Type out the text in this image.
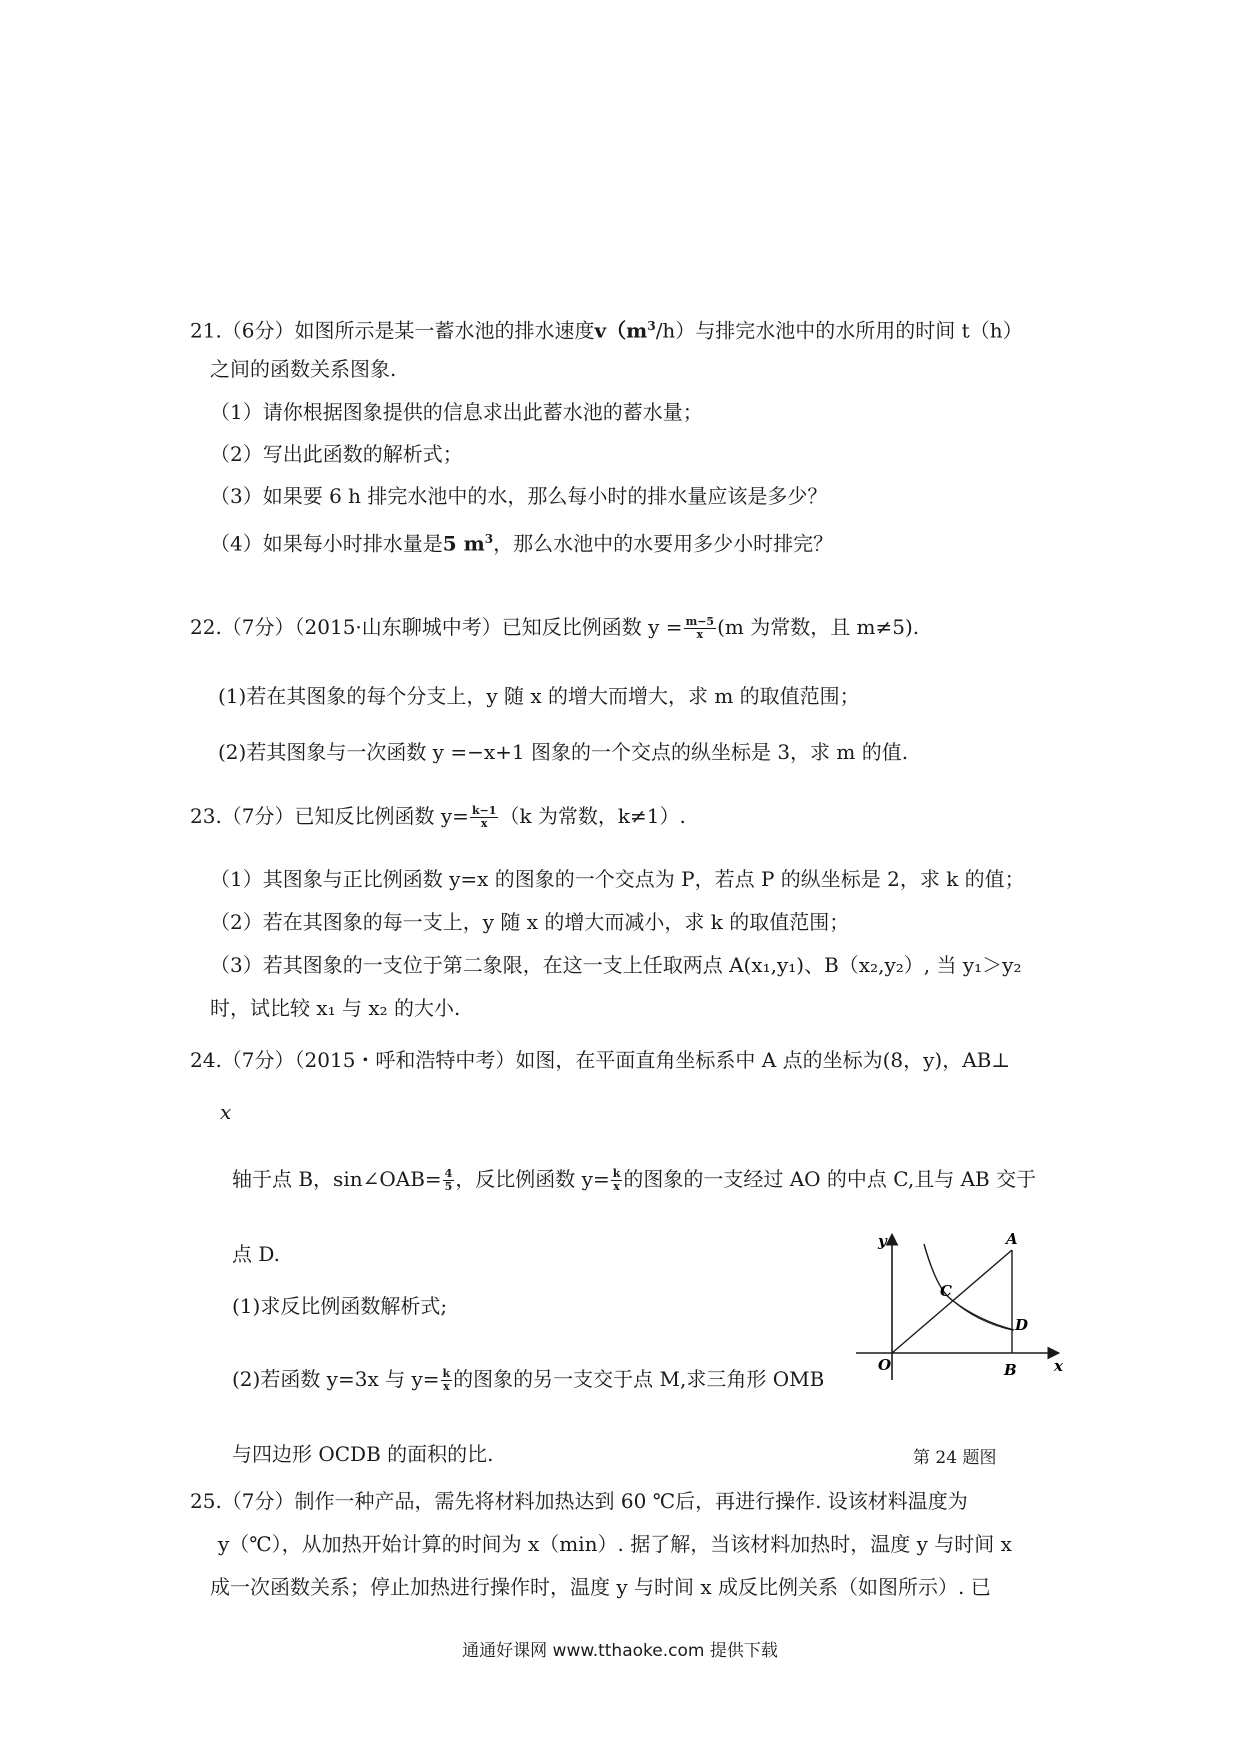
21.（6分）如图所示是某一蓄水池的排水速度$v(m^3/h)$与排完水池中的水所用的时间 t（h）
之间的函数关系图象.
（1）请你根据图象提供的信息求出此蓄水池的蓄水量；
（2）写出此函数的解析式；
（3）如果要 6 h 排完水池中的水，那么每小时的排水量应该是多少？
（4）如果每小时排水量是5 $m^3$，那么水池中的水要用多少小时排完？
22.（7分）（2015·山东聊城中考）已知反比例函数 $y = \frac{m-5}{x} (m$ 为常数，且 m≠5).
(1)若在其图象的每个分支上，y 随 x 的增大而增大，求 m 的取值范围；
(2)若其图象与一次函数 y =−x+1 图象的一个交点的纵坐标是 3，求 m 的值.
23.（7分）已知反比例函数 $y= \frac{k-1}{x} (k$ 为常数，k≠1）.
（1）其图象与正比例函数 y=x 的图象的一个交点为 P，若点 P 的纵坐标是 2，求 k 的值；
（2）若在其图象的每一支上，y 随 x 的增大而减小，求 k 的取值范围；
（3）若其图象的一支位于第二象限，在这一支上任取两点 A(x₁,y₁)、B（x₂,y₂）, 当 y₁＞y₂
时，试比较 x₁ 与 x₂ 的大小.
24.（7分）（2015・呼和浩特中考）如图，在平面直角坐标系中 A 点的坐标为(8，y)，AB⊥
x
轴于点 B，sin∠OAB= $\frac{4}{5}$ ，反比例函数 $y= \frac{k}{x}$ 的图象的一支经过 AO 的中点 C,且与 AB 交于
点 D.
(1)求反比例函数解析式;
(2)若函数 y=3x 与 $y= \frac{k}{x}$ 的图象的另一支交于点 M,求三角形 OMB
与四边形 OCDB 的面积的比.	第 24 题图
y
x
O
A
B
C
D
25.（7分）制作一种产品，需先将材料加热达到 60 ℃后，再进行操作. 设该材料温度为
y（℃），从加热开始计算的时间为 x（min）. 据了解，当该材料加热时，温度 y 与时间 x
成一次函数关系；停止加热进行操作时，温度 y 与时间 x 成反比例关系（如图所示）. 已
通通好课网 www.tthaoke.com 提供下载
